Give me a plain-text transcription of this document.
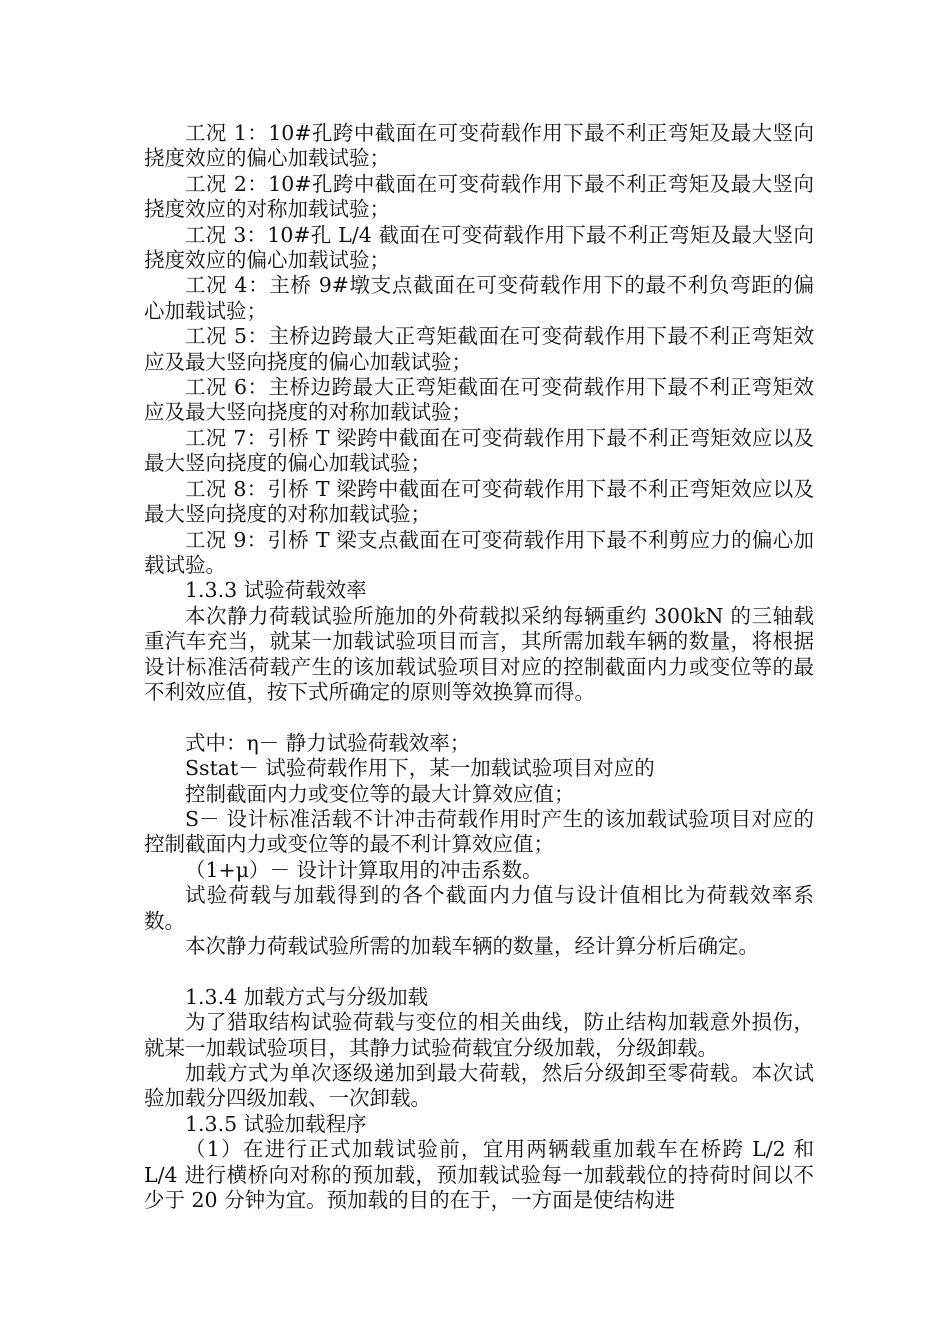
工况 1：10#孔跨中截面在可变荷载作用下最不利正弯矩及最大竖向挠度效应的偏心加载试验；

工况 2：10#孔跨中截面在可变荷载作用下最不利正弯矩及最大竖向挠度效应的对称加载试验；

工况 3：10#孔 L/4 截面在可变荷载作用下最不利正弯矩及最大竖向挠度效应的偏心加载试验；

工况 4：主桥 9#墩支点截面在可变荷载作用下的最不利负弯距的偏心加载试验；

工况 5：主桥边跨最大正弯矩截面在可变荷载作用下最不利正弯矩效应及最大竖向挠度的偏心加载试验；

工况 6：主桥边跨最大正弯矩截面在可变荷载作用下最不利正弯矩效应及最大竖向挠度的对称加载试验；

工况 7：引桥 T 梁跨中截面在可变荷载作用下最不利正弯矩效应以及最大竖向挠度的偏心加载试验；

工况 8：引桥 T 梁跨中截面在可变荷载作用下最不利正弯矩效应以及最大竖向挠度的对称加载试验；

工况 9：引桥 T 梁支点截面在可变荷载作用下最不利剪应力的偏心加载试验。

1.3.3 试验荷载效率

本次静力荷载试验所施加的外荷载拟采纳每辆重约 300kN 的三轴载重汽车充当，就某一加载试验项目而言，其所需加载车辆的数量，将根据设计标准活荷载产生的该加载试验项目对应的控制截面内力或变位等的最不利效应值，按下式所确定的原则等效换算而得。

式中：η－ 静力试验荷载效率；

Sstat－ 试验荷载作用下，某一加载试验项目对应的

控制截面内力或变位等的最大计算效应值；

S－ 设计标准活载不计冲击荷载作用时产生的该加载试验项目对应的控制截面内力或变位等的最不利计算效应值；

（1+μ）－ 设计计算取用的冲击系数。

试验荷载与加载得到的各个截面内力值与设计值相比为荷载效率系数。

本次静力荷载试验所需的加载车辆的数量，经计算分析后确定。

1.3.4 加载方式与分级加载

为了猎取结构试验荷载与变位的相关曲线，防止结构加载意外损伤，就某一加载试验项目，其静力试验荷载宜分级加载，分级卸载。

加载方式为单次逐级递加到最大荷载，然后分级卸至零荷载。本次试验加载分四级加载、一次卸载。

1.3.5 试验加载程序

（1）在进行正式加载试验前，宜用两辆载重加载车在桥跨 L/2 和 L/4 进行横桥向对称的预加载，预加载试验每一加载载位的持荷时间以不少于 20 分钟为宜。预加载的目的在于，一方面是使结构进
